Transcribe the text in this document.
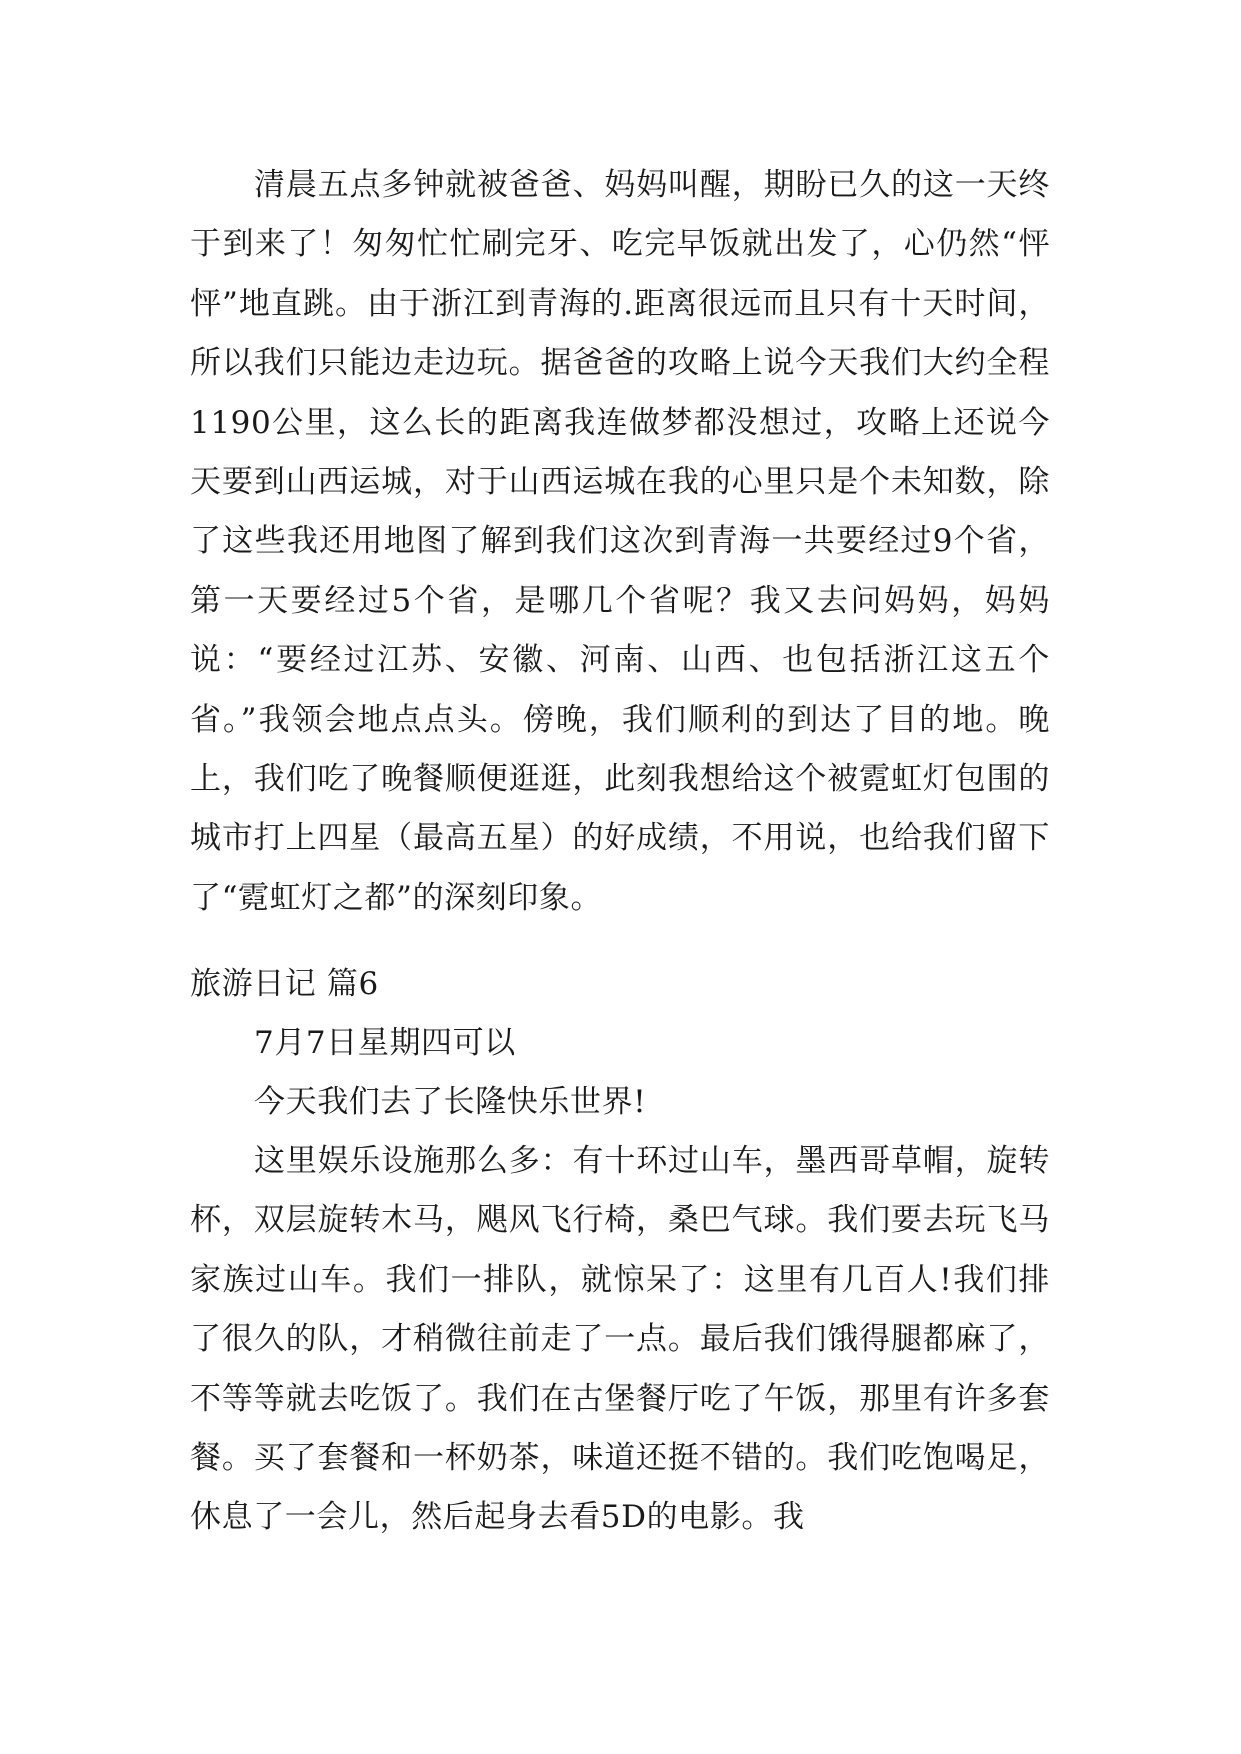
清晨五点多钟就被爸爸、妈妈叫醒，期盼已久的这一天终于到来了！匆匆忙忙刷完牙、吃完早饭就出发了，心仍然“怦怦”地直跳。由于浙江到青海的.距离很远而且只有十天时间，所以我们只能边走边玩。据爸爸的攻略上说今天我们大约全程1190公里，这么长的距离我连做梦都没想过，攻略上还说今天要到山西运城，对于山西运城在我的心里只是个未知数，除了这些我还用地图了解到我们这次到青海一共要经过9个省，第一天要经过5个省，是哪几个省呢？我又去问妈妈，妈妈说：“要经过江苏、安徽、河南、山西、也包括浙江这五个省。”我领会地点点头。傍晚，我们顺利的到达了目的地。晚上，我们吃了晚餐顺便逛逛，此刻我想给这个被霓虹灯包围的城市打上四星（最高五星）的好成绩，不用说，也给我们留下了“霓虹灯之都”的深刻印象。

旅游日记 篇6

7月7日星期四可以

今天我们去了长隆快乐世界!

这里娱乐设施那么多：有十环过山车，墨西哥草帽，旋转杯，双层旋转木马，飓风飞行椅，桑巴气球。我们要去玩飞马家族过山车。我们一排队，就惊呆了：这里有几百人!我们排了很久的队，才稍微往前走了一点。最后我们饿得腿都麻了，不等等就去吃饭了。我们在古堡餐厅吃了午饭，那里有许多套餐。买了套餐和一杯奶茶，味道还挺不错的。我们吃饱喝足，休息了一会儿，然后起身去看5D的电影。我
